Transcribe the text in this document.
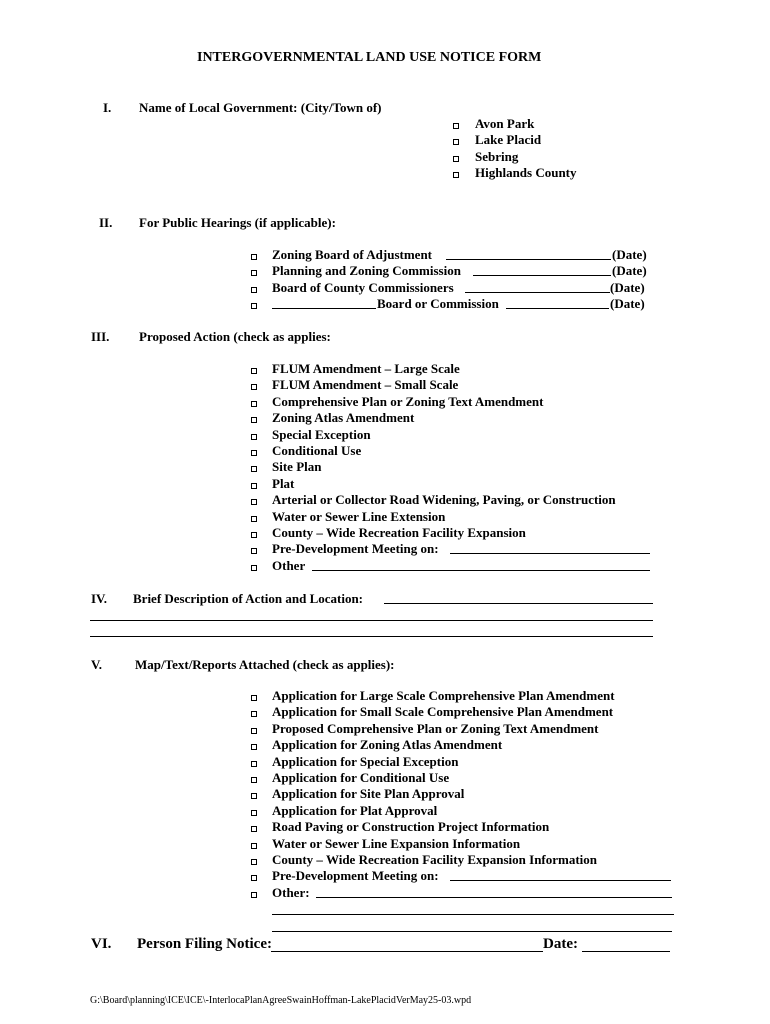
INTERGOVERNMENTAL LAND USE NOTICE FORM
I. Name of Local Government: (City/Town of)
Avon Park
Lake Placid
Sebring
Highlands County
II. For Public Hearings (if applicable):
Zoning Board of Adjustment	(Date)
Planning and Zoning Commission	(Date)
Board of County Commissioners	(Date)
Board or Commission	(Date)
III. Proposed Action (check as applies:
FLUM Amendment – Large Scale
FLUM Amendment – Small Scale
Comprehensive Plan or Zoning Text Amendment
Zoning Atlas Amendment
Special Exception
Conditional Use
Site Plan
Plat
Arterial or Collector Road Widening, Paving, or Construction
Water or Sewer Line Extension
County – Wide Recreation Facility Expansion
Pre-Development Meeting on:
Other
IV. Brief Description of Action and Location:
V.	Map/Text/Reports Attached (check as applies):
Application for Large Scale Comprehensive Plan Amendment
Application for Small Scale Comprehensive Plan Amendment
Proposed Comprehensive Plan or Zoning Text Amendment
Application for Zoning Atlas Amendment
Application for Special Exception
Application for Conditional Use
Application for Site Plan Approval
Application for Plat Approval
Road Paving or Construction Project Information
Water or Sewer Line Expansion Information
County – Wide Recreation Facility Expansion Information
Pre-Development Meeting on:
Other:
VI. Person Filing Notice:	Date:
G:\Board\planning\ICE\ICE\-InterlocaPlanAgreeSwainHoffman-LakePlacidVerMay25-03.wpd
